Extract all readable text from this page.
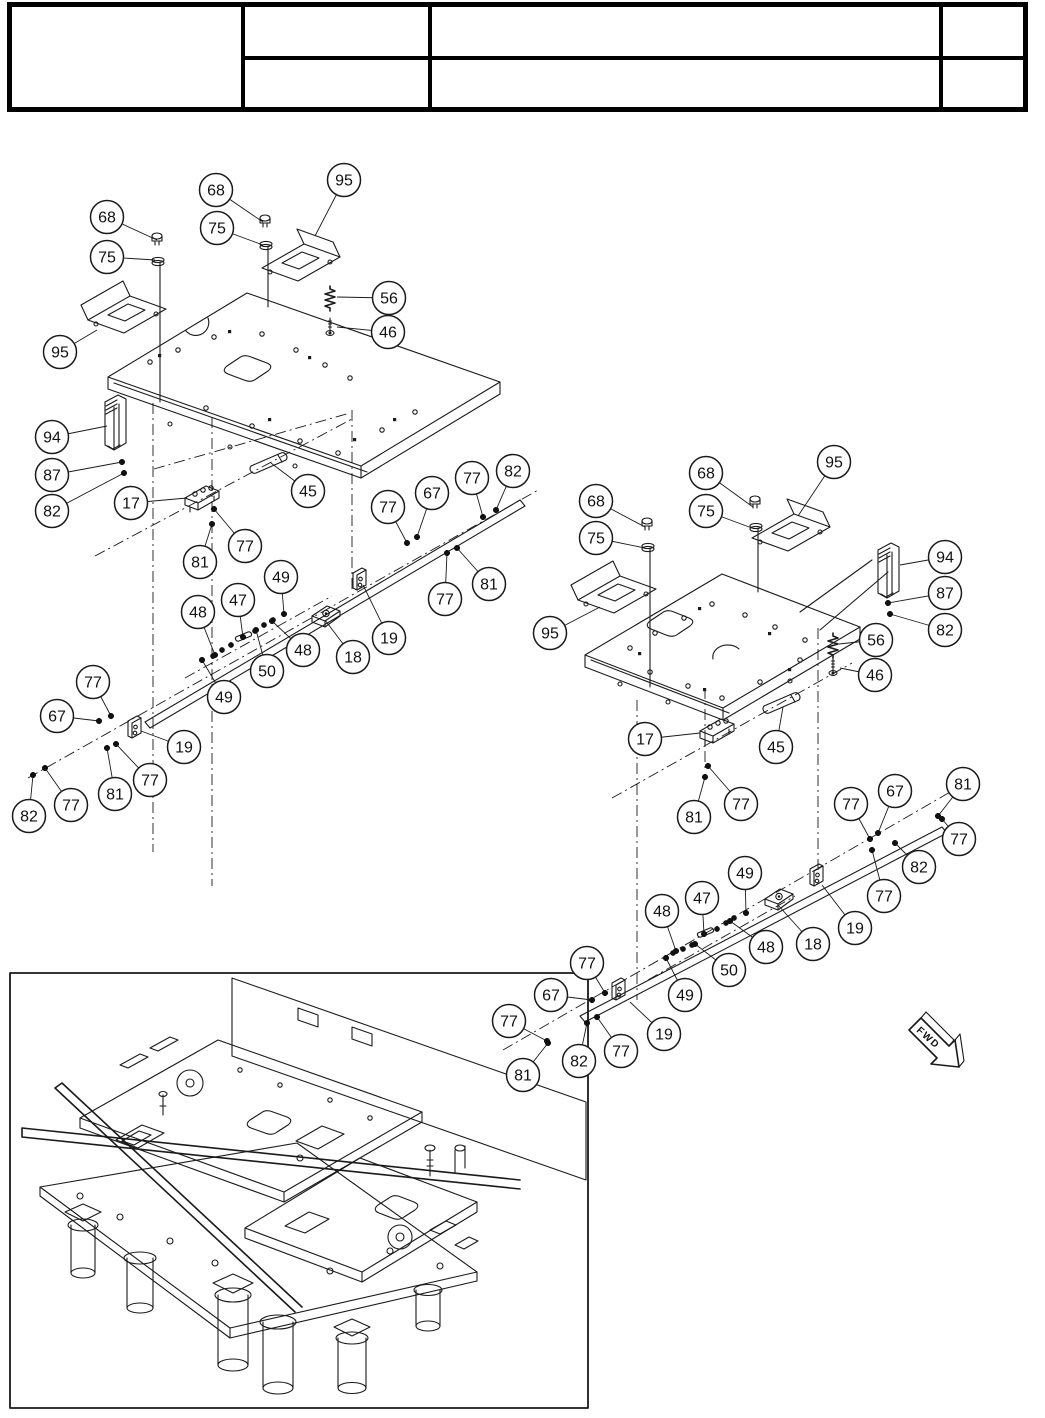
FWD
68
75
68
75
95
95
56
46
94
87
82	17
45
81
77
77
67
77 82
49
47
48
48
50
49
18
19
77
81
77
67
19
77
81
77
82
68
75
68
75
95
95
94
87
82
56
46
17	45
81
77	77
67	81
77
82
77
49
47
48
48
50
49
18
19
77
67
77
81
82
77
19
